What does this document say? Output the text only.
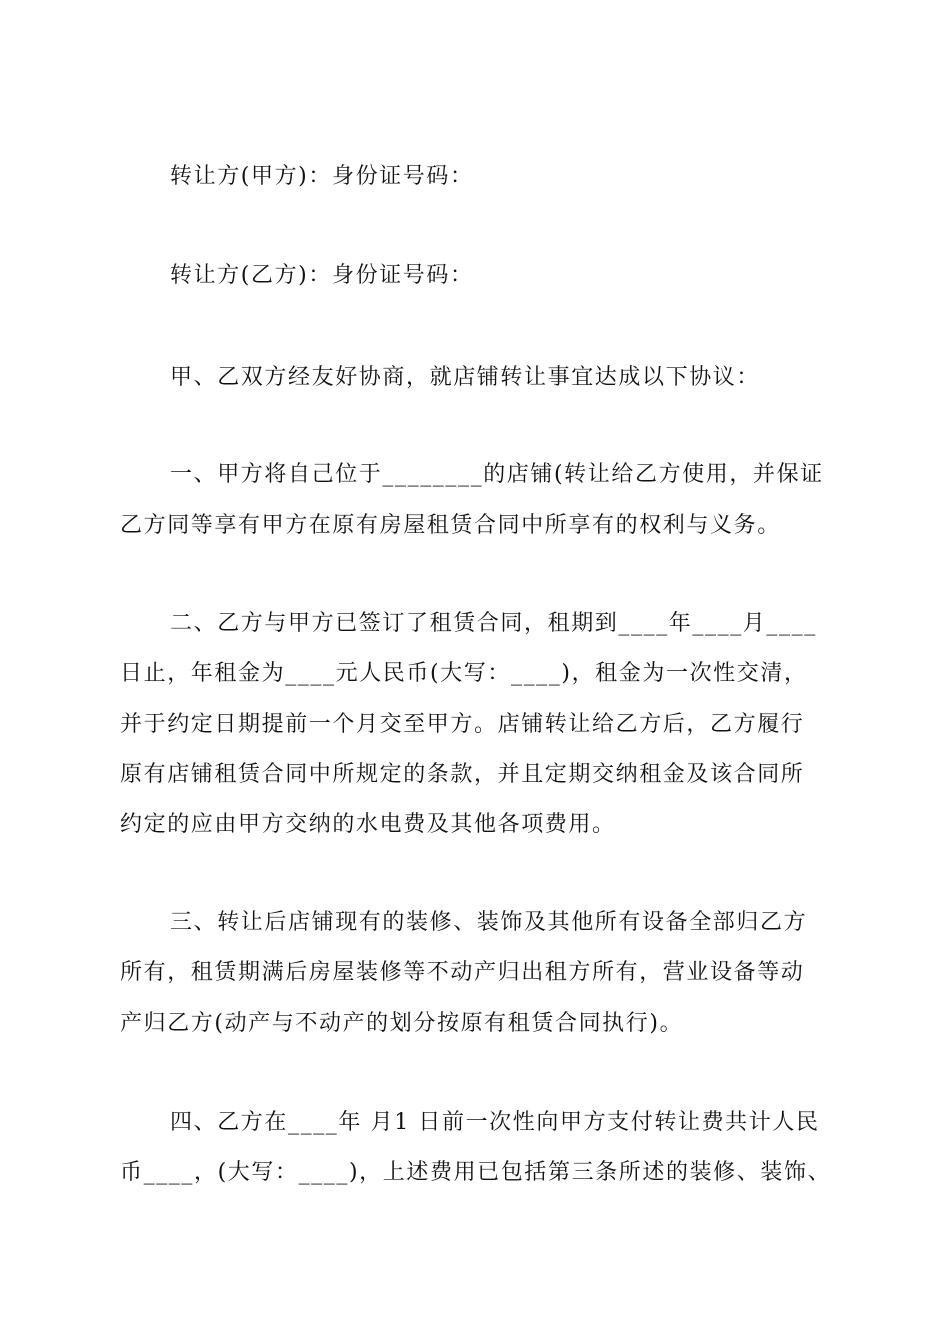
转让方(甲方)：身份证号码：
转让方(乙方)：身份证号码：
甲、乙双方经友好协商，就店铺转让事宜达成以下协议：
一、甲方将自己位于________的店铺(转让给乙方使用，并保证
乙方同等享有甲方在原有房屋租赁合同中所享有的权利与义务。
二、乙方与甲方已签订了租赁合同，租期到____年____月____
日止，年租金为____元人民币(大写：____)，租金为一次性交清，
并于约定日期提前一个月交至甲方。店铺转让给乙方后，乙方履行
原有店铺租赁合同中所规定的条款，并且定期交纳租金及该合同所
约定的应由甲方交纳的水电费及其他各项费用。
三、转让后店铺现有的装修、装饰及其他所有设备全部归乙方
所有，租赁期满后房屋装修等不动产归出租方所有，营业设备等动
产归乙方(动产与不动产的划分按原有租赁合同执行)。
四、乙方在____年 月1 日前一次性向甲方支付转让费共计人民
币____，(大写：____)，上述费用已包括第三条所述的装修、装饰、
